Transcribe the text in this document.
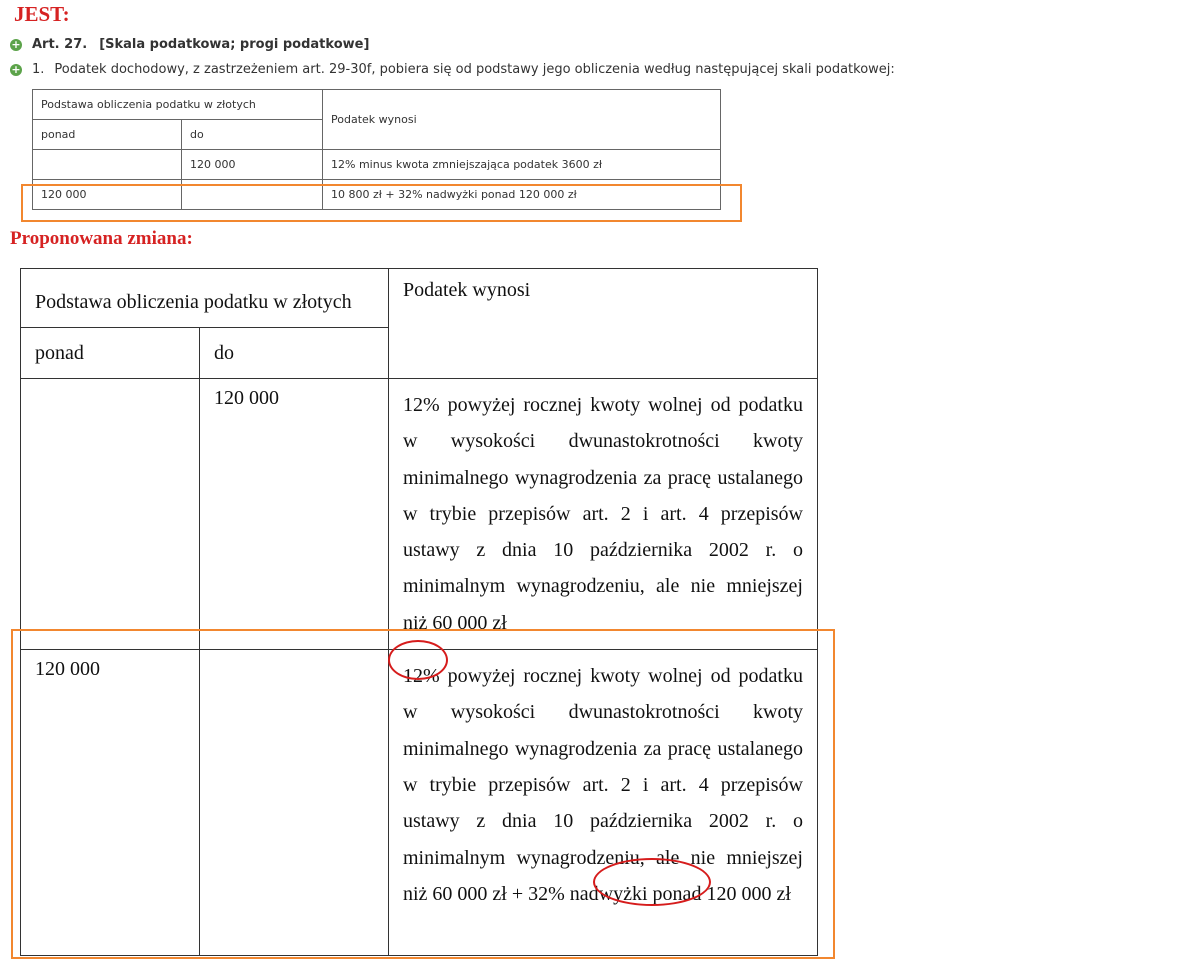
JEST:
+ Art. 27. [Skala podatkowa; progi podatkowe]
+ 1. Podatek dochodowy, z zastrzeżeniem art. 29-30f, pobiera się od podstawy jego obliczenia według następującej skali podatkowej:
Podstawa obliczenia podatku w złotych		Podatek wynosi
ponad	do	
	120 000	12% minus kwota zmniejszająca podatek 3600 zł
120 000		10 800 zł + 32% nadwyżki ponad 120 000 zł
Proponowana zmiana:
Podstawa obliczenia podatku w złotych		Podatek wynosi
ponad	do	
	120 000	12% powyżej rocznej kwoty wolnej od podatku w wysokości dwunastokrotności kwoty minimalnego wynagrodzenia za pracę ustalanego w trybie przepisów art. 2 i art. 4 przepisów ustawy z dnia 10 października 2002 r. o minimalnym wynagrodzeniu, ale nie mniejszej niż 60 000 zł

120 000		12% powyżej rocznej kwoty wolnej od podatku w wysokości dwunastokrotności kwoty minimalnego wynagrodzenia za pracę ustalanego w trybie przepisów art. 2 i art. 4 przepisów ustawy z dnia 10 października 2002 r. o minimalnym wynagrodzeniu, ale nie mniejszej niż 60 000 zł + 32% nadwyżki ponad 120 000 zł
